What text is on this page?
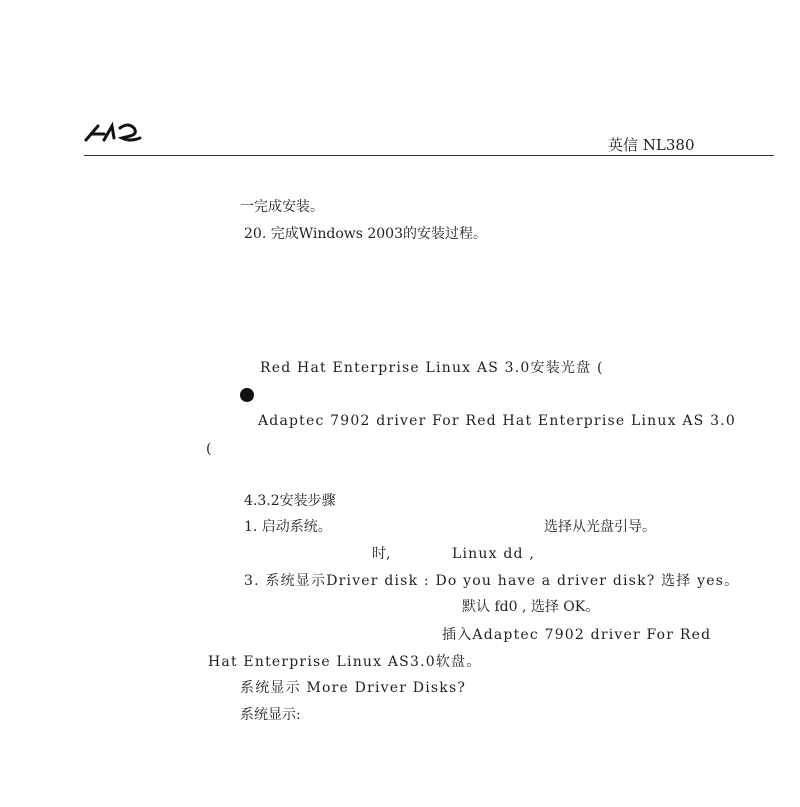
英信 NL380
一完成安装。
20. 完成Windows 2003的安装过程。
Red Hat Enterprise Linux AS 3.0安装光盘 (
Adaptec 7902 driver For Red Hat Enterprise Linux AS 3.0
(
4.3.2安装步骤
1. 启动系统。	选择从光盘引导。
时,	Linux dd ,
3. 系统显示Driver disk : Do you have a driver disk? 选择 yes。
默认 fd0 , 选择 OK。
插入Adaptec 7902 driver For Red
Hat Enterprise Linux AS3.0软盘。
系统显示 More Driver Disks?
系统显示:
